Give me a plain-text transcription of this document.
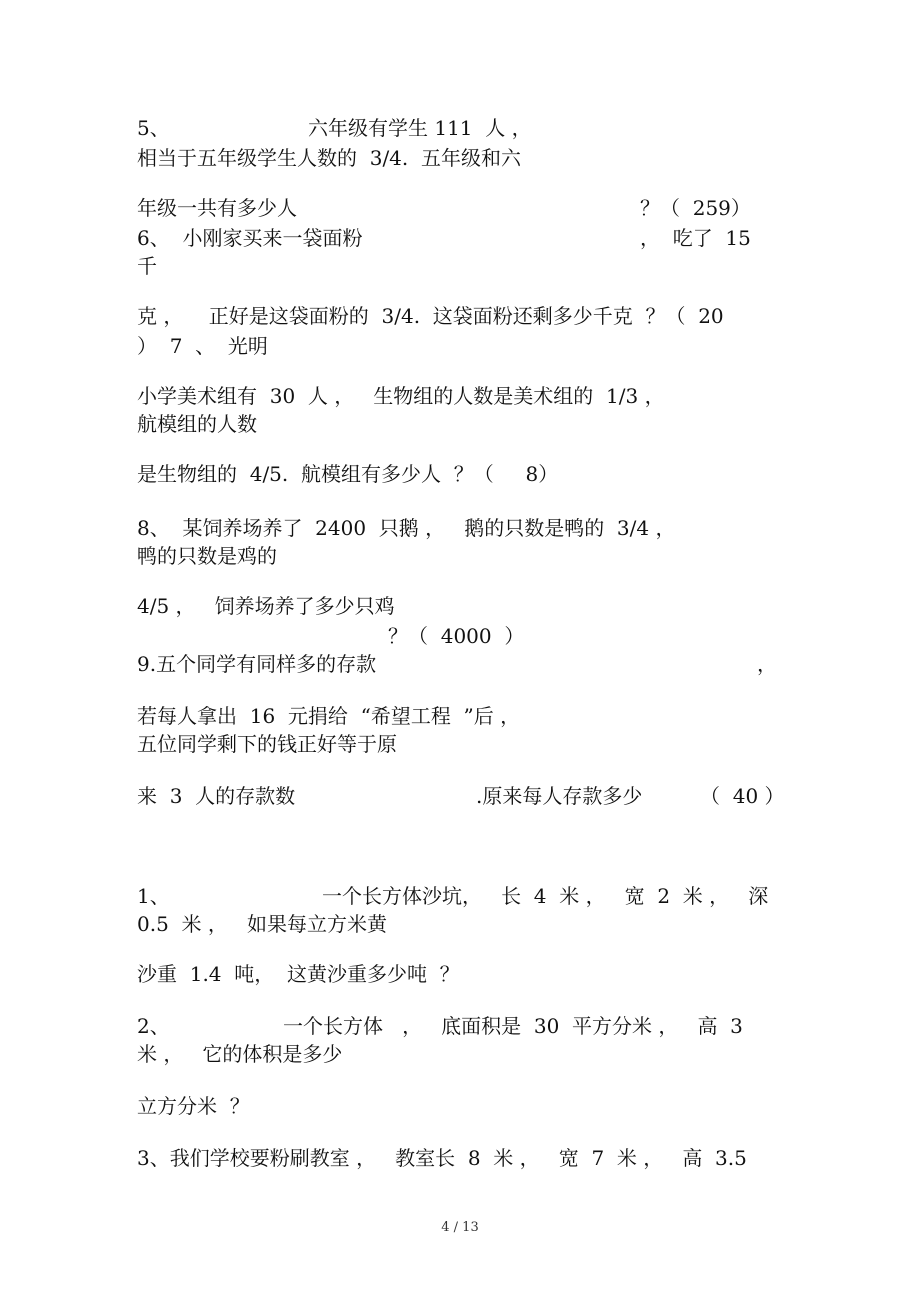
5、	六年级有学生 111  人 ，
相当于五年级学生人数的  3/4.  五年级和六
年级一共有多少人	？（  259）
6、  小刚家买来一袋面粉	，  吃了  15
千
克 ，    正好是这袋面粉的  3/4.  这袋面粉还剩多少千克  ？（  20
）  7  、  光明
小学美术组有  30  人 ，   生物组的人数是美术组的  1/3 ，
航模组的人数
是生物组的  4/5.  航模组有多少人  ？（     8）
8、  某饲养场养了  2400  只鹅 ，   鹅的只数是鸭的  3/4 ，
鸭的只数是鸡的
4/5 ，   饲养场养了多少只鸡
？（  4000  ）
9.五个同学有同样多的存款	，
若每人拿出  16  元捐给  “希望工程  ”后 ，
五位同学剩下的钱正好等于原
来  3  人的存款数	.原来每人存款多少	（  40 ）
1、	一个长方体沙坑，   长  4  米 ，   宽  2  米 ，   深
0.5  米 ，   如果每立方米黄
沙重  1.4  吨，  这黄沙重多少吨  ？
2、	一个长方体   ，   底面积是  30  平方分米 ，   高  3
米 ，   它的体积是多少
立方分米  ？
3、我们学校要粉刷教室 ，   教室长  8  米 ，   宽  7  米 ，   高  3.5
4 / 13
